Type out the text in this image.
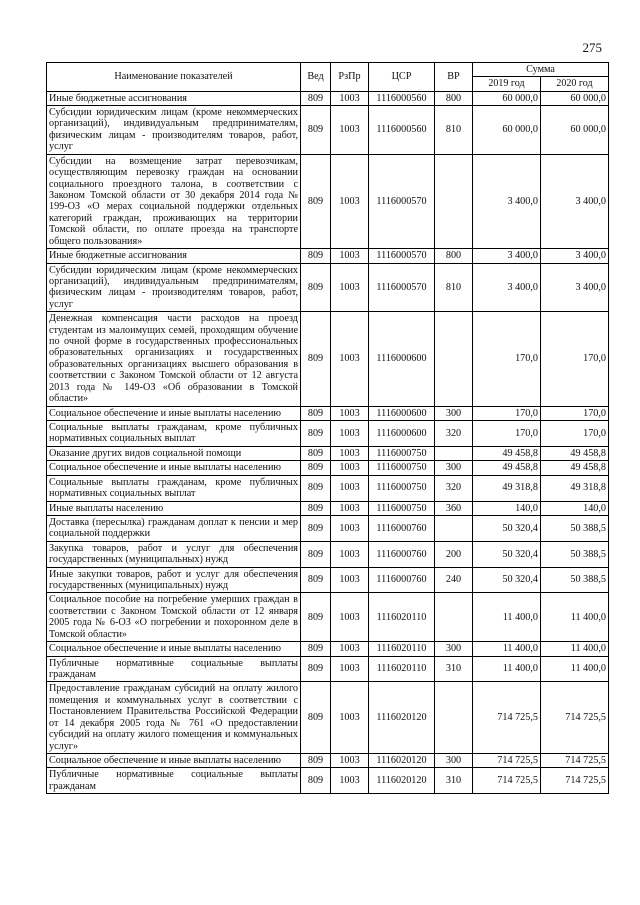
275
Наименование показателей	Вед	РзПр	ЦСР	ВР	Сумма	
					2019 год	2020 год
Иные бюджетные ассигнования	809	1003	1116000560	800	60 000,0	60 000,0
Субсидии юридическим лицам (кроме некоммерческих организаций), индивидуальным предпринимателям, физическим лицам - производителям товаров, работ, услуг	809	1003	1116000560	810	60 000,0	60 000,0
Субсидии на возмещение затрат перевозчикам, осуществляющим перевозку граждан на основании социального проездного талона, в соответствии с Законом Томской области от 30 декабря 2014 года № 199-ОЗ «О мерах социальной поддержки отдельных категорий граждан, проживающих на территории Томской области, по оплате проезда на транспорте общего пользования»	809	1003	1116000570		3 400,0	3 400,0
Иные бюджетные ассигнования	809	1003	1116000570	800	3 400,0	3 400,0
Субсидии юридическим лицам (кроме некоммерческих организаций), индивидуальным предпринимателям, физическим лицам - производителям товаров, работ, услуг	809	1003	1116000570	810	3 400,0	3 400,0
Денежная компенсация части расходов на проезд студентам из малоимущих семей, проходящим обучение по очной форме в государственных профессиональных образовательных организациях и государственных образовательных организациях высшего образования в соответствии с Законом Томской области от 12 августа 2013 года № 149-ОЗ «Об образовании в Томской области»	809	1003	1116000600		170,0	170,0
Социальное обеспечение и иные выплаты населению	809	1003	1116000600	300	170,0	170,0
Социальные выплаты гражданам, кроме публичных нормативных социальных выплат	809	1003	1116000600	320	170,0	170,0
Оказание других видов социальной помощи	809	1003	1116000750		49 458,8	49 458,8
Социальное обеспечение и иные выплаты населению	809	1003	1116000750	300	49 458,8	49 458,8
Социальные выплаты гражданам, кроме публичных нормативных социальных выплат	809	1003	1116000750	320	49 318,8	49 318,8
Иные выплаты населению	809	1003	1116000750	360	140,0	140,0
Доставка (пересылка) гражданам доплат к пенсии и мер социальной поддержки	809	1003	1116000760		50 320,4	50 388,5
Закупка товаров, работ и услуг для обеспечения государственных (муниципальных) нужд	809	1003	1116000760	200	50 320,4	50 388,5
Иные закупки товаров, работ и услуг для обеспечения государственных (муниципальных) нужд	809	1003	1116000760	240	50 320,4	50 388,5
Социальное пособие на погребение умерших граждан в соответствии с Законом Томской области от 12 января 2005 года № 6-ОЗ «О погребении и похоронном деле в Томской области»	809	1003	1116020110		11 400,0	11 400,0
Социальное обеспечение и иные выплаты населению	809	1003	1116020110	300	11 400,0	11 400,0
Публичные нормативные социальные выплаты гражданам	809	1003	1116020110	310	11 400,0	11 400,0
Предоставление гражданам субсидий на оплату жилого помещения и коммунальных услуг в соответствии с Постановлением Правительства Российской Федерации от 14 декабря 2005 года № 761 «О предоставлении субсидий на оплату жилого помещения и коммунальных услуг»	809	1003	1116020120		714 725,5	714 725,5
Социальное обеспечение и иные выплаты населению	809	1003	1116020120	300	714 725,5	714 725,5
Публичные нормативные социальные выплаты гражданам	809	1003	1116020120	310	714 725,5	714 725,5
